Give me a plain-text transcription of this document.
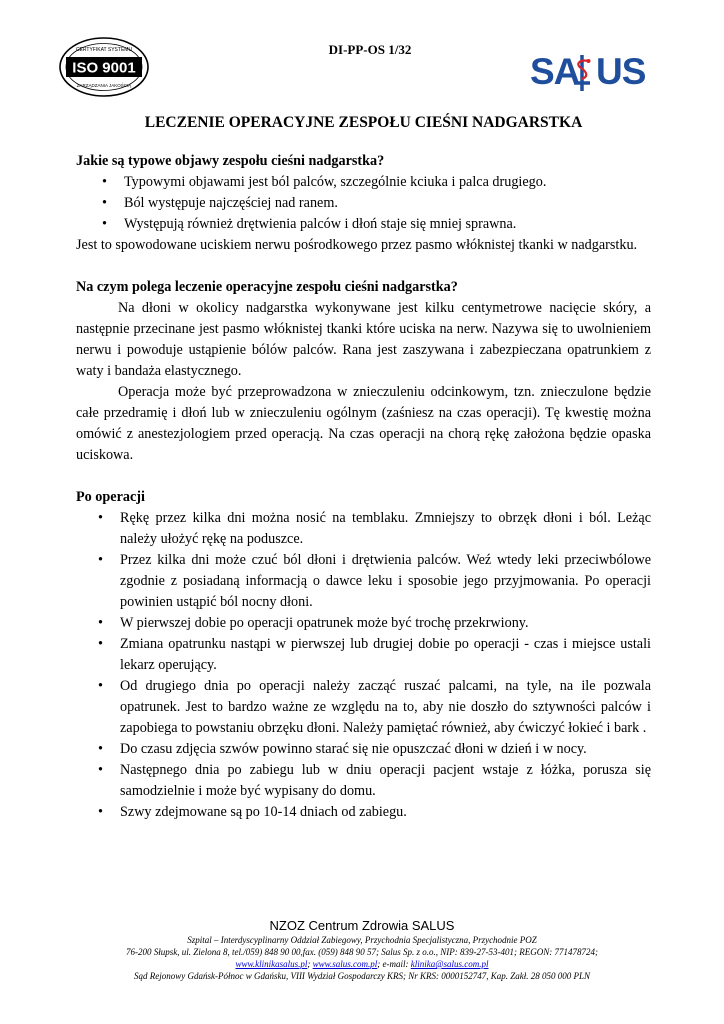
ISO 9001
CERTYFIKAT SYSTEMU
ZARZĄDZANIA JAKOŚCIĄ
DI-PP-OS 1/32
SA US
LECZENIE OPERACYJNE ZESPOŁU CIEŚNI NADGARSTKA
Jakie są typowe objawy zespołu cieśni nadgarstka?
• Typowymi objawami jest ból palców, szczególnie kciuka i palca drugiego.
• Ból występuje najczęściej nad ranem.
• Występują również drętwienia palców i dłoń staje się mniej sprawna.

Jest to spowodowane uciskiem nerwu pośrodkowego przez pasmo włóknistej tkanki w nadgarstku.

Na czym polega leczenie operacyjne zespołu cieśni nadgarstka?

Na dłoni w okolicy nadgarstka wykonywane jest kilku centymetrowe nacięcie skóry, a następnie przecinane jest pasmo włóknistej tkanki które uciska na nerw. Nazywa się to uwolnieniem nerwu i powoduje ustąpienie bólów palców. Rana jest zaszywana i zabezpieczana opatrunkiem z waty i bandaża elastycznego.

Operacja może być przeprowadzona w znieczuleniu odcinkowym, tzn. znieczulone będzie całe przedramię i dłoń lub w znieczuleniu ogólnym (zaśniesz na czas operacji). Tę kwestię można omówić z anestezjologiem przed operacją. Na czas operacji na chorą rękę założona będzie opaska uciskowa.

Po operacji
• Rękę przez kilka dni można nosić na temblaku. Zmniejszy to obrzęk dłoni i ból. Leżąc należy ułożyć rękę na poduszce.
• Przez kilka dni może czuć ból dłoni i drętwienia palców. Weź wtedy leki przeciwbólowe zgodnie z posiadaną informacją o dawce leku i sposobie jego przyjmowania. Po operacji powinien ustąpić ból nocny dłoni.
• W pierwszej dobie po operacji opatrunek może być trochę przekrwiony.
• Zmiana opatrunku nastąpi w pierwszej lub drugiej dobie po operacji - czas i miejsce ustali lekarz operujący.
• Od drugiego dnia po operacji należy zacząć ruszać palcami, na tyle, na ile pozwala opatrunek. Jest to bardzo ważne ze względu na to, aby nie doszło do sztywności palców i zapobiega to powstaniu obrzęku dłoni. Należy pamiętać również, aby ćwiczyć łokieć i bark .
• Do czasu zdjęcia szwów powinno starać się nie opuszczać dłoni w dzień i w nocy.
• Następnego dnia po zabiegu lub w dniu operacji pacjent wstaje z łóżka, porusza się samodzielnie i może być wypisany do domu.
• Szwy zdejmowane są po 10-14 dniach od zabiegu.
NZOZ Centrum Zdrowia SALUS
Szpital – Interdyscyplinarny Oddział Zabiegowy, Przychodnia Specjalistyczna, Przychodnie POZ
76-200 Słupsk, ul. Zielona 8, tel./059) 848 90 00,fax. (059) 848 90 57; Salus Sp. z o.o., NIP: 839-27-53-401; REGON: 771478724;
www.klinikasalus.pl; www.salus.com.pl; e-mail: klinika@salus.com.pl
Sąd Rejonowy Gdańsk-Północ w Gdańsku, VIII Wydział Gospodarczy KRS; Nr KRS: 0000152747, Kap. Zakł. 28 050 000 PLN
